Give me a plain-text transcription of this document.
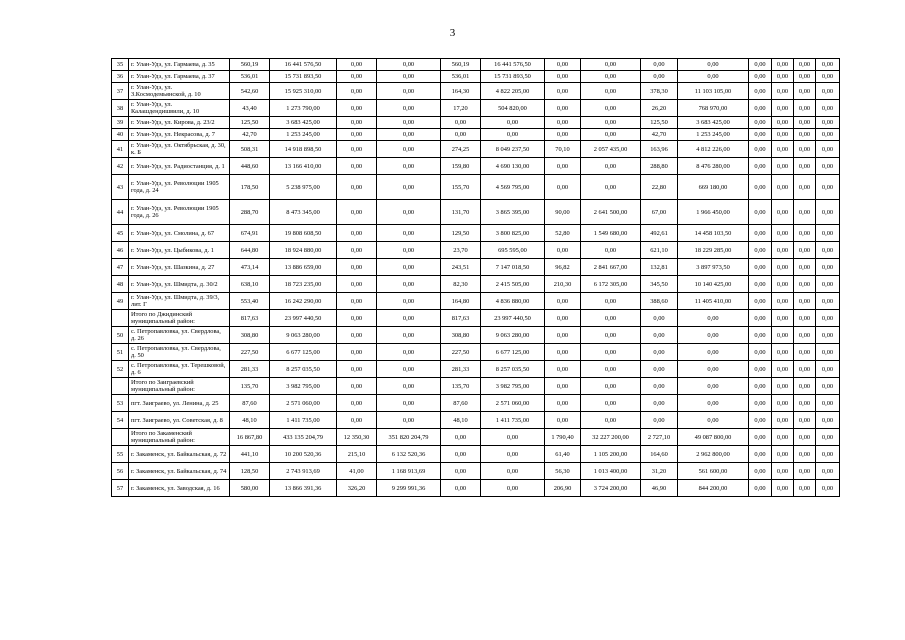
3
35	г. Улан-Удэ, ул. Гармаева, д. 35	560,19	16 441 576,50	0,00	0,00	560,19	16 441 576,50	0,00	0,00	0,00	0,00	0,00	0,00	0,00	0,00
36	г. Улан-Удэ, ул. Гармаева, д. 37	536,01	15 731 893,50	0,00	0,00	536,01	15 731 893,50	0,00	0,00	0,00	0,00	0,00	0,00	0,00	0,00
37	г. Улан-Удэ, ул. З.Космодемьянской, д. 10	542,60	15 925 310,00	0,00	0,00	164,30	4 822 205,00	0,00	0,00	378,30	11 103 105,00	0,00	0,00	0,00	0,00
38	г. Улан-Удэ, ул. Калашдендишвили, д. 10	43,40	1 273 790,00	0,00	0,00	17,20	504 820,00	0,00	0,00	26,20	768 970,00	0,00	0,00	0,00	0,00
39	г. Улан-Удэ, ул. Кирова, д. 23/2	125,50	3 683 425,00	0,00	0,00	0,00	0,00	0,00	0,00	125,50	3 683 425,00	0,00	0,00	0,00	0,00
40	г. Улан-Удэ, ул. Некрасова, д. 7	42,70	1 253 245,00	0,00	0,00	0,00	0,00	0,00	0,00	42,70	1 253 245,00	0,00	0,00	0,00	0,00
41	г. Улан-Удэ, ул. Октябрьская, д. 30, к. Б	508,31	14 918 898,50	0,00	0,00	274,25	8 049 237,50	70,10	2 057 435,00	163,96	4 812 226,00	0,00	0,00	0,00	0,00
42	г. Улан-Удэ, ул. Радиостанция, д. 1	448,60	13 166 410,00	0,00	0,00	159,80	4 690 130,00	0,00	0,00	288,80	8 476 280,00	0,00	0,00	0,00	0,00
43	г. Улан-Удэ, ул. Революции 1905 года, д. 24	178,50	5 238 975,00	0,00	0,00	155,70	4 569 795,00	0,00	0,00	22,80	669 180,00	0,00	0,00	0,00	0,00
44	г. Улан-Удэ, ул. Революции 1905 года, д. 26	288,70	8 473 345,00	0,00	0,00	131,70	3 865 395,00	90,00	2 641 500,00	67,00	1 966 450,00	0,00	0,00	0,00	0,00
45	г. Улан-Удэ, ул. Смолина, д. 67	674,91	19 808 608,50	0,00	0,00	129,50	3 800 825,00	52,80	1 549 680,00	492,61	14 458 103,50	0,00	0,00	0,00	0,00
46	г. Улан-Удэ, ул. Цыбикова, д. 1	644,80	18 924 880,00	0,00	0,00	23,70	695 595,00	0,00	0,00	621,10	18 229 285,00	0,00	0,00	0,00	0,00
47	г. Улан-Удэ, ул. Шазкина, д. 27	473,14	13 886 659,00	0,00	0,00	243,51	7 147 018,50	96,82	2 841 667,00	132,81	3 897 973,50	0,00	0,00	0,00	0,00
48	г. Улан-Удэ, ул. Шмидта, д. 30/2	638,10	18 723 235,00	0,00	0,00	82,30	2 415 505,00	210,30	6 172 305,00	345,50	10 140 425,00	0,00	0,00	0,00	0,00
49	г. Улан-Удэ, ул. Шмидта, д. 39/3, лит. Г	553,40	16 242 290,00	0,00	0,00	164,80	4 836 880,00	0,00	0,00	388,60	11 405 410,00	0,00	0,00	0,00	0,00
	Итого по Джидинский муниципальный район:	817,63	23 997 440,50	0,00	0,00	817,63	23 997 440,50	0,00	0,00	0,00	0,00	0,00	0,00	0,00	0,00
50	с. Петропавловка, ул. Свердлова, д. 26	308,80	9 063 280,00	0,00	0,00	308,80	9 063 280,00	0,00	0,00	0,00	0,00	0,00	0,00	0,00	0,00
51	с. Петропавловка, ул. Свердлова, д. 50	227,50	6 677 125,00	0,00	0,00	227,50	6 677 125,00	0,00	0,00	0,00	0,00	0,00	0,00	0,00	0,00
52	с. Петропавловка, ул. Терешковой, д. 6	281,33	8 257 035,50	0,00	0,00	281,33	8 257 035,50	0,00	0,00	0,00	0,00	0,00	0,00	0,00	0,00
	Итого по Заиграевский муниципальный район:	135,70	3 982 795,00	0,00	0,00	135,70	3 982 795,00	0,00	0,00	0,00	0,00	0,00	0,00	0,00	0,00
53	пгт. Заиграево, ул. Ленина, д. 25	87,60	2 571 060,00	0,00	0,00	87,60	2 571 060,00	0,00	0,00	0,00	0,00	0,00	0,00	0,00	0,00
54	пгт. Заиграево, ул. Советская, д. 8	48,10	1 411 735,00	0,00	0,00	48,10	1 411 735,00	0,00	0,00	0,00	0,00	0,00	0,00	0,00	0,00
	Итого по Закаменский муниципальный район:	16 867,80	433 135 204,79	12 350,30	351 820 204,79	0,00	0,00	1 790,40	32 227 200,00	2 727,10	49 087 800,00	0,00	0,00	0,00	0,00
55	г. Закаменск, ул. Байкальская, д. 72	441,10	10 200 520,36	215,10	6 132 520,36	0,00	0,00	61,40	1 105 200,00	164,60	2 962 800,00	0,00	0,00	0,00	0,00
56	г. Закаменск, ул. Байкальская, д. 74	128,50	2 743 913,69	41,00	1 168 913,69	0,00	0,00	56,30	1 013 400,00	31,20	561 600,00	0,00	0,00	0,00	0,00
57	г. Закаменск, ул. Заводская, д. 16	580,00	13 866 391,36	326,20	9 299 991,36	0,00	0,00	206,90	3 724 200,00	46,90	844 200,00	0,00	0,00	0,00	0,00
